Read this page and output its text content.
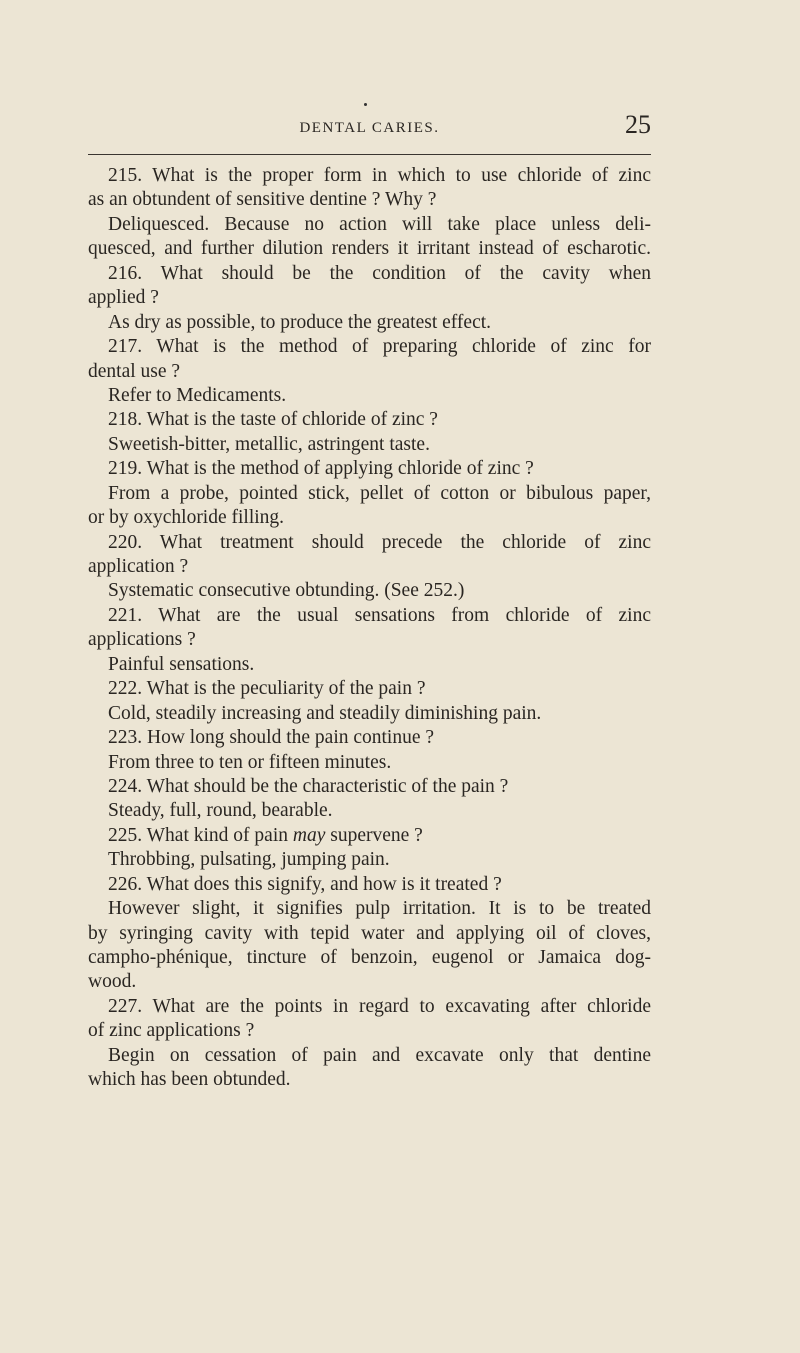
DENTAL CARIES.	25
215. What is the proper form in which to use chloride of zinc
as an obtundent of sensitive dentine ? Why ?
Deliquesced. Because no action will take place unless deli-
quesced, and further dilution renders it irritant instead of escharotic.
216. What should be the condition of the cavity when
applied ?
As dry as possible, to produce the greatest effect.
217. What is the method of preparing chloride of zinc for
dental use ?
Refer to Medicaments.
218. What is the taste of chloride of zinc ?
Sweetish-bitter, metallic, astringent taste.
219. What is the method of applying chloride of zinc ?
From a probe, pointed stick, pellet of cotton or bibulous paper,
or by oxychloride filling.
220. What treatment should precede the chloride of zinc
application ?
Systematic consecutive obtunding. (See 252.)
221. What are the usual sensations from chloride of zinc
applications ?
Painful sensations.
222. What is the peculiarity of the pain ?
Cold, steadily increasing and steadily diminishing pain.
223. How long should the pain continue ?
From three to ten or fifteen minutes.
224. What should be the characteristic of the pain ?
Steady, full, round, bearable.
225. What kind of pain may supervene ?
Throbbing, pulsating, jumping pain.
226. What does this signify, and how is it treated ?
However slight, it signifies pulp irritation. It is to be treated
by syringing cavity with tepid water and applying oil of cloves,
campho-phénique, tincture of benzoin, eugenol or Jamaica dog-
wood.
227. What are the points in regard to excavating after chloride
of zinc applications ?
Begin on cessation of pain and excavate only that dentine
which has been obtunded.
